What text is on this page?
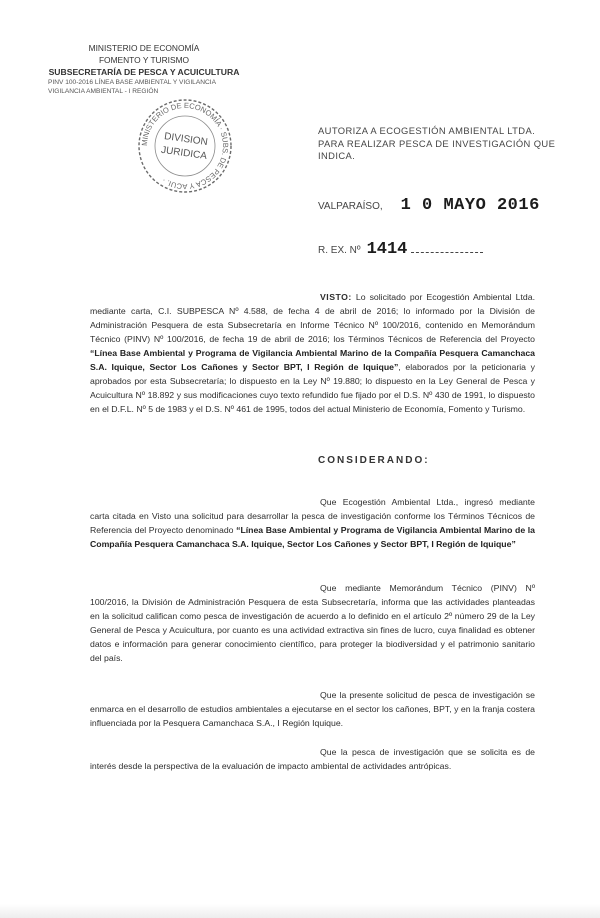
MINISTERIO DE ECONOMÍA
FOMENTO Y TURISMO
SUBSECRETARÍA DE PESCA Y ACUICULTURA
PINV 100-2016 LÍNEA BASE AMBIENTAL Y VIGILANCIA
VIGILANCIA AMBIENTAL - I REGIÓN
MINISTERIO DE ECONOMÍA · SUBS. DE PESCA Y ACUI. ·
DIVISION
JURIDICA
AUTORIZA A ECOGESTIÓN AMBIENTAL LTDA. PARA REALIZAR PESCA DE INVESTIGACIÓN QUE INDICA.
VALPARAÍSO, 1 0 MAYO 2016
R. EX. Nº 1414
VISTO: Lo solicitado por Ecogestión Ambiental Ltda. mediante carta, C.I. SUBPESCA Nº 4.588, de fecha 4 de abril de 2016; lo informado por la División de Administración Pesquera de esta Subsecretaría en Informe Técnico Nº 100/2016, contenido en Memorándum Técnico (PINV) Nº 100/2016, de fecha 19 de abril de 2016; los Términos Técnicos de Referencia del Proyecto “Línea Base Ambiental y Programa de Vigilancia Ambiental Marino de la Compañía Pesquera Camanchaca S.A. Iquique, Sector Los Cañones y Sector BPT, I Región de Iquique”, elaborados por la peticionaria y aprobados por esta Subsecretaría; lo dispuesto en la Ley Nº 19.880; lo dispuesto en la Ley General de Pesca y Acuicultura Nº 18.892 y sus modificaciones cuyo texto refundido fue fijado por el D.S. Nº 430 de 1991, lo dispuesto en el D.F.L. Nº 5 de 1983 y el D.S. Nº 461 de 1995, todos del actual Ministerio de Economía, Fomento y Turismo.
CONSIDERANDO:
Que Ecogestión Ambiental Ltda., ingresó mediante carta citada en Visto una solicitud para desarrollar la pesca de investigación conforme los Términos Técnicos de Referencia del Proyecto denominado “Línea Base Ambiental y Programa de Vigilancia Ambiental Marino de la Compañía Pesquera Camanchaca S.A. Iquique, Sector Los Cañones y Sector BPT, I Región de Iquique”
Que mediante Memorándum Técnico (PINV) Nº 100/2016, la División de Administración Pesquera de esta Subsecretaría, informa que las actividades planteadas en la solicitud califican como pesca de investigación de acuerdo a lo definido en el artículo 2º número 29 de la Ley General de Pesca y Acuicultura, por cuanto es una actividad extractiva sin fines de lucro, cuya finalidad es obtener datos e información para generar conocimiento científico, para proteger la biodiversidad y el patrimonio sanitario del país.
Que la presente solicitud de pesca de investigación se enmarca en el desarrollo de estudios ambientales a ejecutarse en el sector los cañones, BPT, y en la franja costera influenciada por la Pesquera Camanchaca S.A., I Región Iquique.
Que la pesca de investigación que se solicita es de interés desde la perspectiva de la evaluación de impacto ambiental de actividades antrópicas.
